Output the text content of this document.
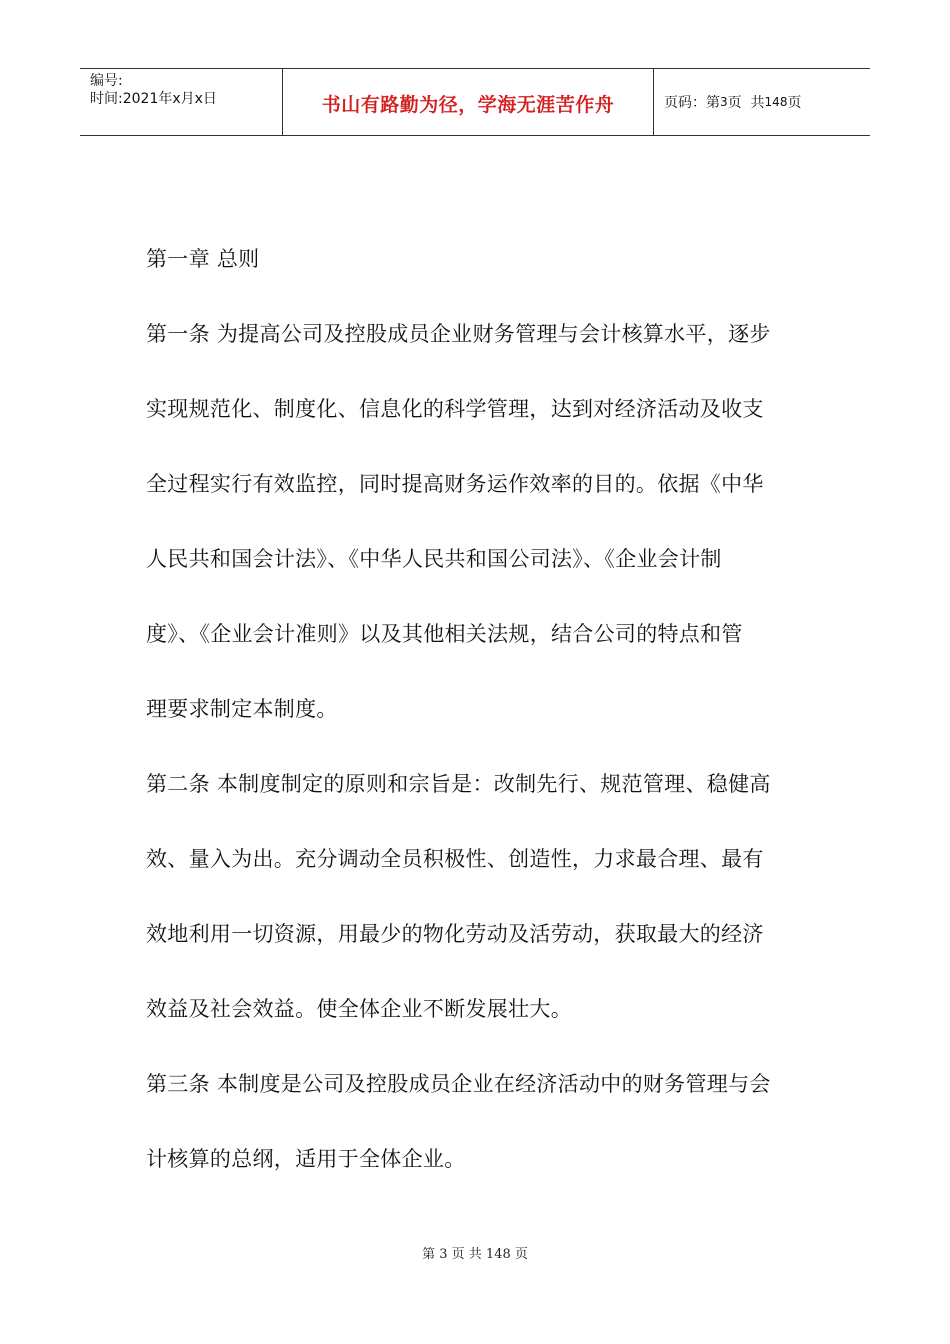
编号:
时间:2021年x月x日	书山有路勤为径，学海无涯苦作舟	页码：第 3 页  共 148 页
第一章 总则
第一条 为提高公司及控股成员企业财务管理与会计核算水平，逐步
实现规范化、制度化、信息化的科学管理，达到对经济活动及收支
全过程实行有效监控，同时提高财务运作效率的目的。依据《中华
人民共和国会计法》、《中华人民共和国公司法》、《企业会计制
度》、《企业会计准则》以及其他相关法规，结合公司的特点和管
理要求制定本制度。
第二条 本制度制定的原则和宗旨是：改制先行、规范管理、稳健高
效、量入为出。充分调动全员积极性、创造性，力求最合理、最有
效地利用一切资源，用最少的物化劳动及活劳动，获取最大的经济
效益及社会效益。使全体企业不断发展壮大。
第三条 本制度是公司及控股成员企业在经济活动中的财务管理与会
计核算的总纲，适用于全体企业。
第 3 页 共 148 页
